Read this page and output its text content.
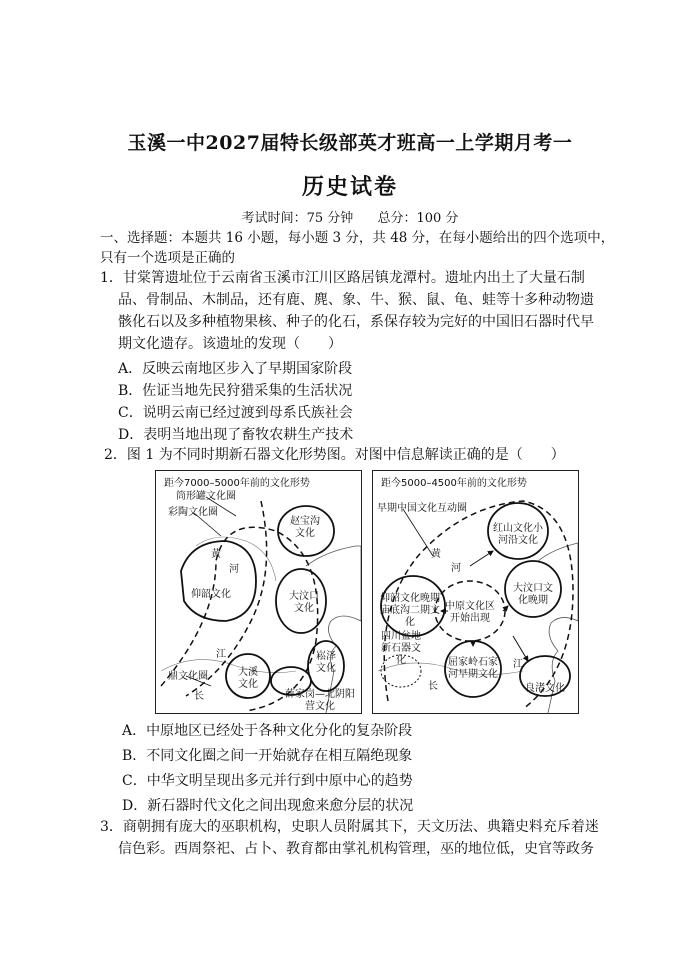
玉溪一中2027届特长级部英才班高一上学期月考一
历史试卷
考试时间：75 分钟 总分：100 分
一、选择题：本题共 16 小题，每小题 3 分，共 48 分，在每小题给出的四个选项中，
只有一个选项是正确的
1．甘棠箐遗址位于云南省玉溪市江川区路居镇龙潭村。遗址内出土了大量石制
品、骨制品、木制品，还有鹿、麂、象、牛、猴、鼠、龟、蛙等十多种动物遗
骸化石以及多种植物果核、种子的化石，系保存较为完好的中国旧石器时代早
期文化遗存。该遗址的发现（　　）
A．反映云南地区步入了早期国家阶段
B．佐证当地先民狩猎采集的生活状况
C．说明云南已经过渡到母系氏族社会
D．表明当地出现了畜牧农耕生产技术
2．图 1 为不同时期新石器文化形势图。对图中信息解读正确的是（　　）
距今7000–5000年前的文化形势
筒形罐文化圈
彩陶文化圈
赵宝沟文化
黄
河
仰韶文化	大汶口文化
江
大溪文化
崧泽文化
鼎文化圈
长	薛家岗—北阴阳营文化
距今5000–4500年前的文化形势
早期中国文化互动圈
红山文化小河沿文化
黄
河
仰韶文化晚期庙底沟二期文化
中原文化区开始出现
大汶口文化晚期
四川盆地新石器文化	屈家岭石家河早期文化
江
长	良渚文化
A．中原地区已经处于各种文化分化的复杂阶段
B．不同文化圈之间一开始就存在相互隔绝现象
C．中华文明呈现出多元并行到中原中心的趋势
D．新石器时代文化之间出现愈来愈分层的状况
3．商朝拥有庞大的巫职机构，史职人员附属其下，天文历法、典籍史料充斥着迷
信色彩。西周祭祀、占卜、教育都由掌礼机构管理，巫的地位低，史官等政务
